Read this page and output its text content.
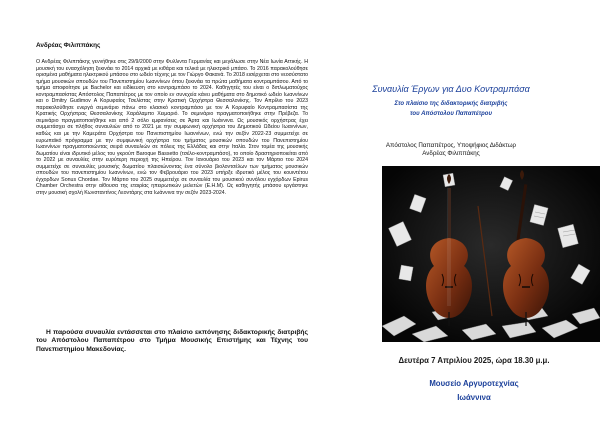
Ανδρέας Φιλιππάκης

Ο Ανδρέας Φιλιππάκης γεννήθηκε στις 29/9/2000 στην Φυλλιντα Γερμανίας και μεγάλωσε στην Νέα Ιωνία Αττικής. Η μουσική του ενασχόληση ξεκινάει το 2014 αρχικά με κιθάρα και τελικά με ηλεκτρικό μπάσο. Το 2016 παρακολούθησε ορισμένα μαθήματα ηλεκτρικού μπάσου στο ωδείο τέχνης με τον Γιώργο Φακανά. Το 2018 εισέρχεται στο νεοσύστατο τμήμα μουσικών σπουδών του Πανεπιστημίου Ιωαννίνων όπου ξεκινάει τα πρώτα μαθήματα κοντραμπάσου. Από το τμήμα αποφοίτησε με Bachelor και ειδίκευση στο κοντραμπάσο το 2024. Καθηγητές του είναι ο διπλωματούχος κοντραμπασίστας Απόστολος Παπαπέτρος με τον οποίο εν συνεχεία κάνει μαθήματα στο δημοτικό ωδείο Ιωαννίνων και ο Dmitry Gudimov Α Κορυφαίος Τσελίστας στην Κρατική Ορχήστρα Θεσσαλονίκης. Τον Απρίλιο του 2023 παρακολούθησε ενεργά σεμινάριο πάνω στο κλασικό κοντραμπάσο με τον Α Κορυφαίο Κοντραμπασίστα της Κρατικής Ορχήστρας Θεσσαλονίκης Χαράλαμπο Χειμαριό. Το σεμινάριο πραγματοποιήθηκε στην Πρέβεζα. Το σεμινάριο πραγματοποιήθηκε και από 2 σόλο εμφανίσεις σε Άρτα και Ιωάννινα. Ως μουσικός ορχήστρας έχει συμμετάσχει σε πλήθος συναυλιών από το 2021 με την συμφωνική ορχήστρα του Δημοτικού Ωδείου Ιωαννίνων, καθώς και με την Καμεράτα Ορχήστρα του Πανεπιστημίου Ιωαννίνων, ενώ την σεζόν 2022-23 συμμετείχε σε ευρωπαϊκό πρόγραμμα με την συμφωνική ορχήστρα του τμήματος μουσικών σπουδών του Πανεπιστημίου Ιωαννίνων πραγματοποιώντας σειρά συναυλιών σε πόλεις της Ελλάδας και στην Ιταλία. Στον τομέα της μουσικής δωματίου είναι ιδρυτικό μέλος του γκρούπ Baroque Bassetto (τσέλο-κοντραμπάσο), το οποίο δραστηριοποιείται από το 2022 με συναυλίες στην ευρύτερη περιοχή της Ηπείρου. Τον Ιανουάριο του 2023 και τον Μάρτιο του 2024 συμμετείχε σε συναυλίες μουσικής δωματίου πλαισιώνοντας ένα σύνολο βιολοντσέλων των τμήματος μουσικών σπουδών του πανεπιστημίου Ιωαννίνων, ενώ τον Φεβρουάριο του 2023 υπήρξε ιδρυτικό μέλος του κουιντέτου έγχορδων Sonus Chordae. Τον Μάρτιο του 2025 συμμετείχε σε συναυλία του μουσικού συνόλου εγχόρδων Epirus Chamber Orchestra στην αίθουσα της εταιρίας ηπειρωτικών μελετών (Ε.Η.Μ). Ως καθηγητής μπάσου εργάστηκε στην μουσική σχολή Κωνσταντίνος Λεοντάρης στα Ιωάννινα την σεζόν 2023-2024.

Η παρούσα συναυλία εντάσσεται στο πλαίσιο εκπόνησης διδακτορικής διατριβής του Απόστολου Παπαπέτρου στο Τμήμα Μουσικής Επιστήμης και Τέχνης του Πανεπιστημίου Μακεδονίας.

Συναυλία Έργων για Δυο Κοντραμπάσα
Στο πλαίσιο της διδακτορικής διατριβής
του Απόστολου Παπαπέτρου
Απόστολος Παπαπέτρος, Υποψήφιος Διδάκτωρ
Ανδρέας Φιλιππάκης
Δευτέρα 7 Απριλίου 2025, ώρα 18.30 μ.μ.
Μουσείο Αργυροτεχνίας
Ιωάννινα
